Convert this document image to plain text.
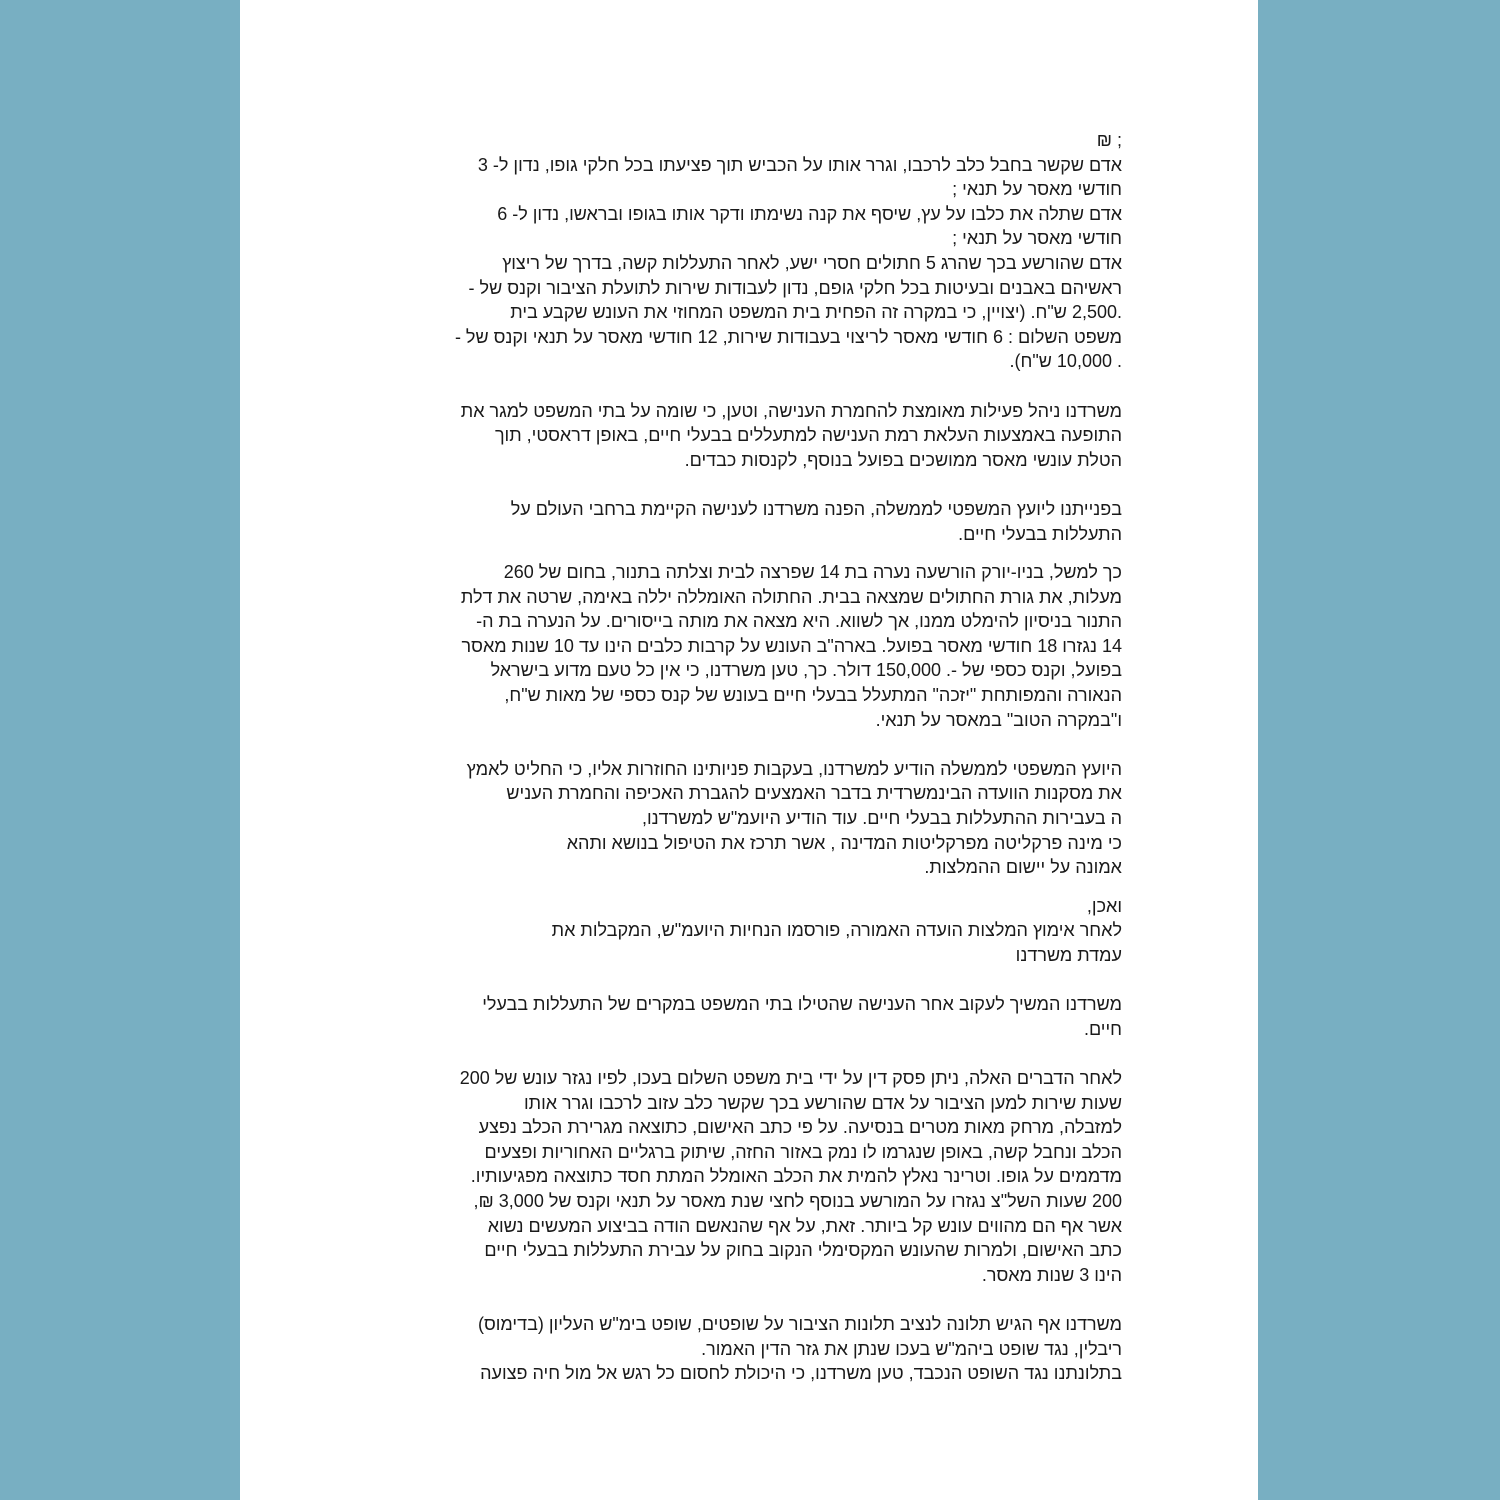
₪ ;
אדם שקשר בחבל כלב לרכבו, וגרר אותו על הכביש תוך פציעתו בכל חלקי גופו, נדון ל- 3
חודשי מאסר על תנאי ;
אדם שתלה את כלבו על עץ, שיסף את קנה נשימתו ודקר אותו בגופו ובראשו, נדון ל- 6
חודשי מאסר על תנאי ;
אדם שהורשע בכך שהרג 5 חתולים חסרי ישע, לאחר התעללות קשה, בדרך של ריצוץ
ראשיהם באבנים ובעיטות בכל חלקי גופם, נדון לעבודות שירות לתועלת הציבור וקנס של -
.2,500 ש"ח. (יצויין, כי במקרה זה הפחית בית המשפט המחוזי את העונש שקבע בית
משפט השלום : 6 חודשי מאסר לריצוי בעבודות שירות, 12 חודשי מאסר על תנאי וקנס של -
. 10,000 ש"ח).
משרדנו ניהל פעילות מאומצת להחמרת הענישה, וטען, כי שומה על בתי המשפט למגר את
התופעה באמצעות העלאת רמת הענישה למתעללים בבעלי חיים, באופן דראסטי, תוך
הטלת עונשי מאסר ממושכים בפועל בנוסף, לקנסות כבדים.
בפנייתנו ליועץ המשפטי לממשלה, הפנה משרדנו לענישה הקיימת ברחבי העולם על
התעללות בבעלי חיים.
כך למשל, בניו-יורק הורשעה נערה בת 14 שפרצה לבית וצלתה בתנור, בחום של 260
מעלות, את גורת החתולים שמצאה בבית. החתולה האומללה יללה באימה, שרטה את דלת
התנור בניסיון להימלט ממנו, אך לשווא. היא מצאה את מותה בייסורים. על הנערה בת ה-
14 נגזרו 18 חודשי מאסר בפועל. בארה"ב העונש על קרבות כלבים הינו עד 10 שנות מאסר
בפועל, וקנס כספי של -. 150,000 דולר. כך, טען משרדנו, כי אין כל טעם מדוע בישראל
הנאורה והמפותחת "יזכה" המתעלל בבעלי חיים בעונש של קנס כספי של מאות ש"ח,
ו"במקרה הטוב" במאסר על תנאי.
היועץ המשפטי לממשלה הודיע למשרדנו, בעקבות פניותינו החוזרות אליו, כי החליט לאמץ
את מסקנות הוועדה הבינמשרדית בדבר האמצעים להגברת האכיפה והחמרת העניש
ה בעבירות ההתעללות בבעלי חיים. עוד הודיע היועמ"ש למשרדנו,
כי מינה פרקליטה מפרקליטות המדינה , אשר תרכז את הטיפול בנושא ותהא
אמונה על יישום ההמלצות.
ואכן,
לאחר אימוץ המלצות הועדה האמורה, פורסמו הנחיות היועמ"ש, המקבלות את
עמדת משרדנו
משרדנו המשיך לעקוב אחר הענישה שהטילו בתי המשפט במקרים של התעללות בבעלי
חיים.
לאחר הדברים האלה, ניתן פסק דין על ידי בית משפט השלום בעכו, לפיו נגזר עונש של 200
שעות שירות למען הציבור על אדם שהורשע בכך שקשר כלב עזוב לרכבו וגרר אותו
למזבלה, מרחק מאות מטרים בנסיעה. על פי כתב האישום, כתוצאה מגרירת הכלב נפצע
הכלב ונחבל קשה, באופן שנגרמו לו נמק באזור החזה, שיתוק ברגליים האחוריות ופצעים
מדממים על גופו. וטרינר נאלץ להמית את הכלב האומלל המתת חסד כתוצאה מפגיעותיו.
200 שעות השל"צ נגזרו על המורשע בנוסף לחצי שנת מאסר על תנאי וקנס של 3,000 ₪,
אשר אף הם מהווים עונש קל ביותר. זאת, על אף שהנאשם הודה בביצוע המעשים נשוא
כתב האישום, ולמרות שהעונש המקסימלי הנקוב בחוק על עבירת התעללות בבעלי חיים
הינו 3 שנות מאסר.
משרדנו אף הגיש תלונה לנציב תלונות הציבור על שופטים, שופט בימ"ש העליון (בדימוס)
ריבלין, נגד שופט ביהמ"ש בעכו שנתן את גזר הדין האמור.
בתלונתנו נגד השופט הנכבד, טען משרדנו, כי היכולת לחסום כל רגש אל מול חיה פצועה
